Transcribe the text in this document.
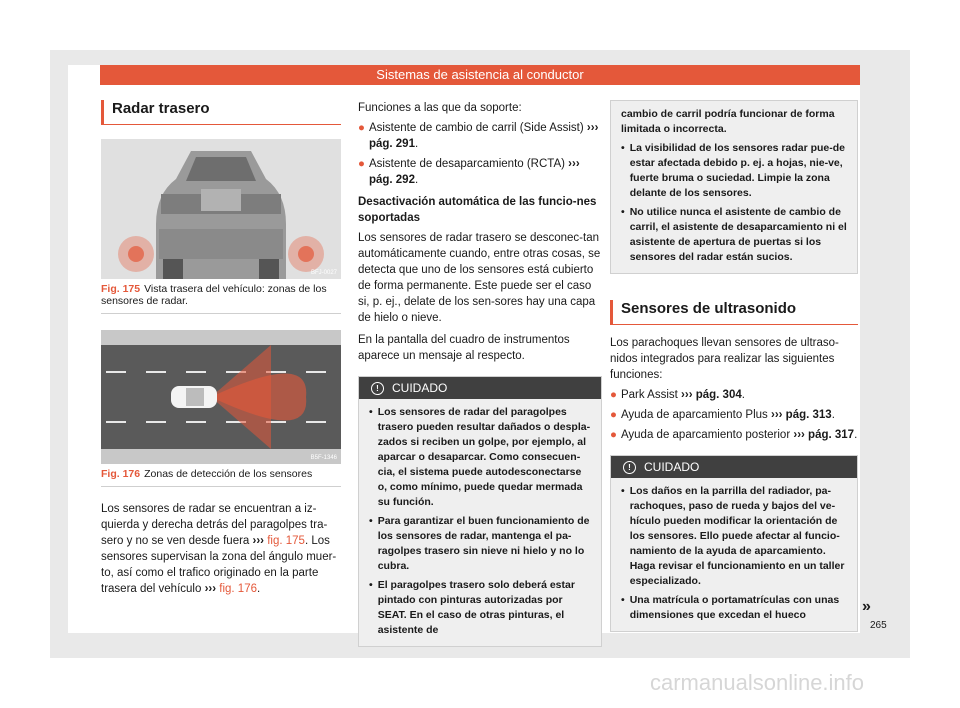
Sistemas de asistencia al conductor
Radar trasero
BFJ-0027
Fig. 175 Vista trasera del vehículo: zonas de los sensores de radar.
B5F-1346
Fig. 176 Zonas de detección de los sensores

Los sensores de radar se encuentran a iz-quierda y derecha detrás del paragolpes tra-sero y no se ven desde fuera ››› fig. 175. Los sensores supervisan la zona del ángulo muer-to, así como el trafico originado en la parte trasera del vehículo ››› fig. 176.

Funciones a las que da soporte:

● Asistente de cambio de carril (Side Assist) ››› pág. 291.
● Asistente de desaparcamiento (RCTA) ››› pág. 292.
Desactivación automática de las funcio-nes soportadas

Los sensores de radar trasero se desconec-tan automáticamente cuando, entre otras cosas, se detecta que uno de los sensores está cubierto de forma permanente. Este puede ser el caso si, p. ej., delate de los sen-sores hay una capa de hielo o nieve.

En la pantalla del cuadro de instrumentos aparece un mensaje al respecto.

!	CUIDADO
• Los sensores de radar del paragolpes trasero pueden resultar dañados o despla-zados si reciben un golpe, por ejemplo, al aparcar o desaparcar. Como consecuen-cia, el sistema puede autodesconectarse o, como mínimo, puede quedar mermada su función.
• Para garantizar el buen funcionamiento de los sensores de radar, mantenga el pa-ragolpes trasero sin nieve ni hielo y no lo cubra.
• El paragolpes trasero solo deberá estar pintado con pinturas autorizadas por SEAT. En el caso de otras pinturas, el asistente de
cambio de carril podría funcionar de forma limitada o incorrecta.
• La visibilidad de los sensores radar pue-de estar afectada debido p. ej. a hojas, nie-ve, fuerte bruma o suciedad. Limpie la zona delante de los sensores.
• No utilice nunca el asistente de cambio de carril, el asistente de desaparcamiento ni el asistente de apertura de puertas si los sensores del radar están sucios.
Sensores de ultrasonido

Los parachoques llevan sensores de ultraso-nidos integrados para realizar las siguientes funciones:

● Park Assist ››› pág. 304.
● Ayuda de aparcamiento Plus ››› pág. 313.
● Ayuda de aparcamiento posterior ››› pág. 317.
!	CUIDADO
• Los daños en la parrilla del radiador, pa-rachoques, paso de rueda y bajos del ve-hículo pueden modificar la orientación de los sensores. Ello puede afectar al funcio-namiento de la ayuda de aparcamiento. Haga revisar el funcionamiento en un taller especializado.
• Una matrícula o portamatrículas con unas dimensiones que excedan el hueco	»
265
carmanualsonline.info
